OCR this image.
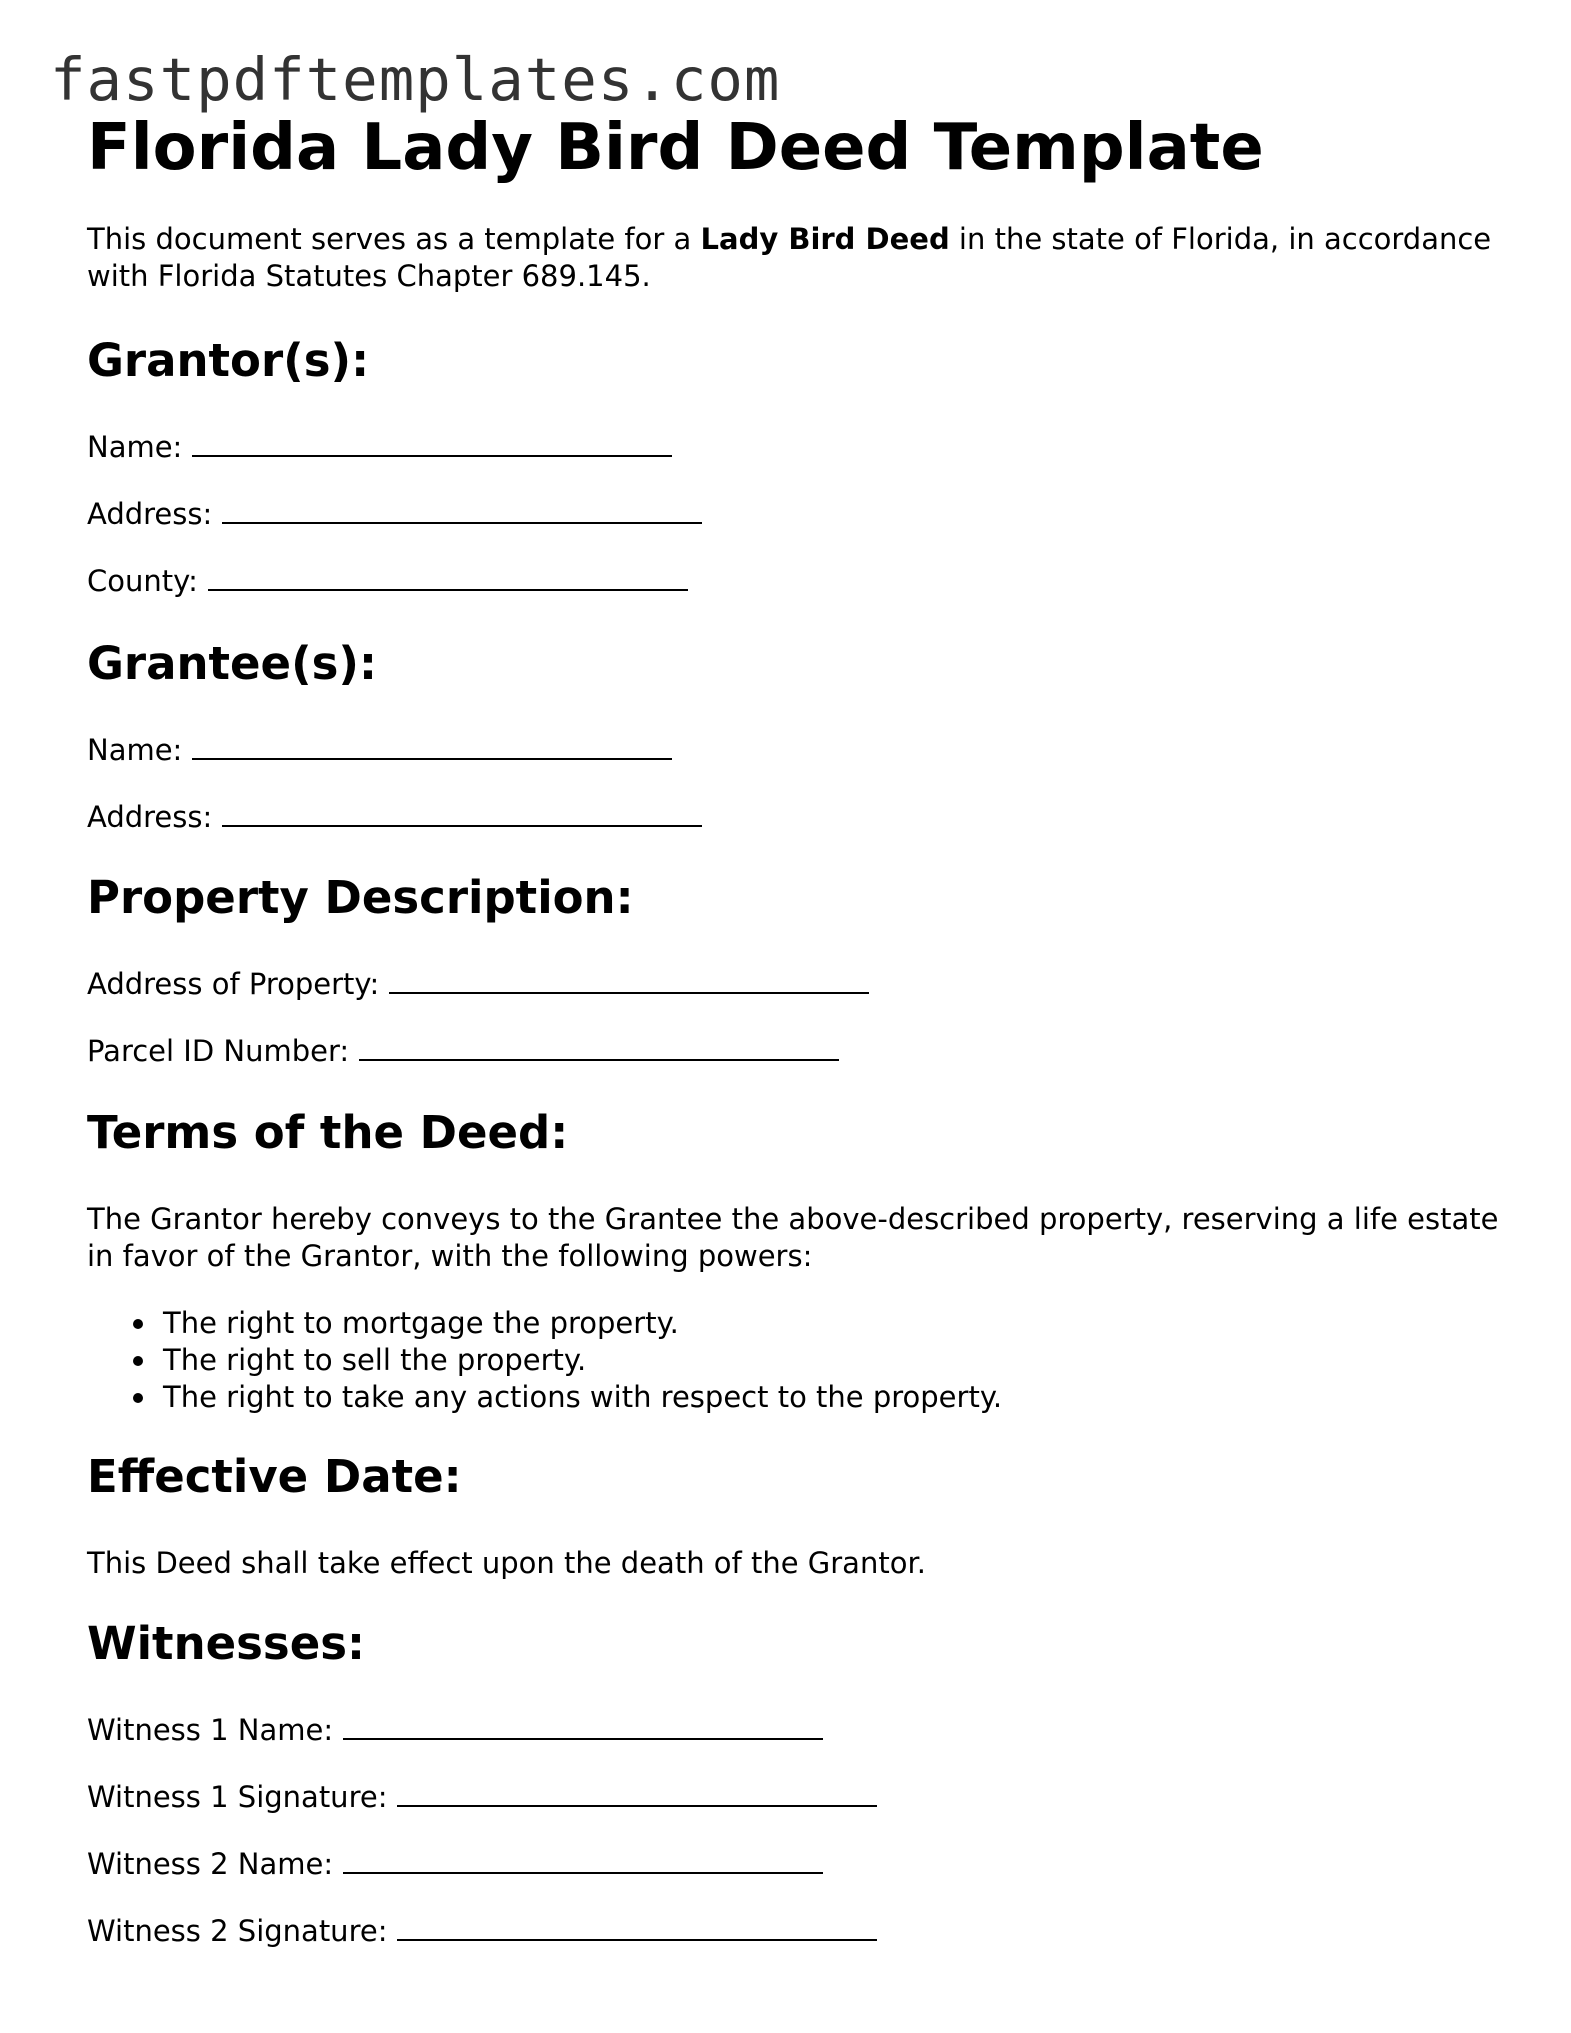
fastpdftemplates.com
Florida Lady Bird Deed Template

This document serves as a template for a Lady Bird Deed in the state of Florida, in accordance with Florida Statutes Chapter 689.145.

Grantor(s):
Name:
Address:
County:
Grantee(s):
Name:
Address:
Property Description:
Address of Property:
Parcel ID Number:
Terms of the Deed:
The Grantor hereby conveys to the Grantee the above-described property, reserving a life estate in favor of the Grantor, with the following powers:
The right to mortgage the property.
The right to sell the property.
The right to take any actions with respect to the property.
Effective Date:
This Deed shall take effect upon the death of the Grantor.
Witnesses:
Witness 1 Name:
Witness 1 Signature:
Witness 2 Name:
Witness 2 Signature:
